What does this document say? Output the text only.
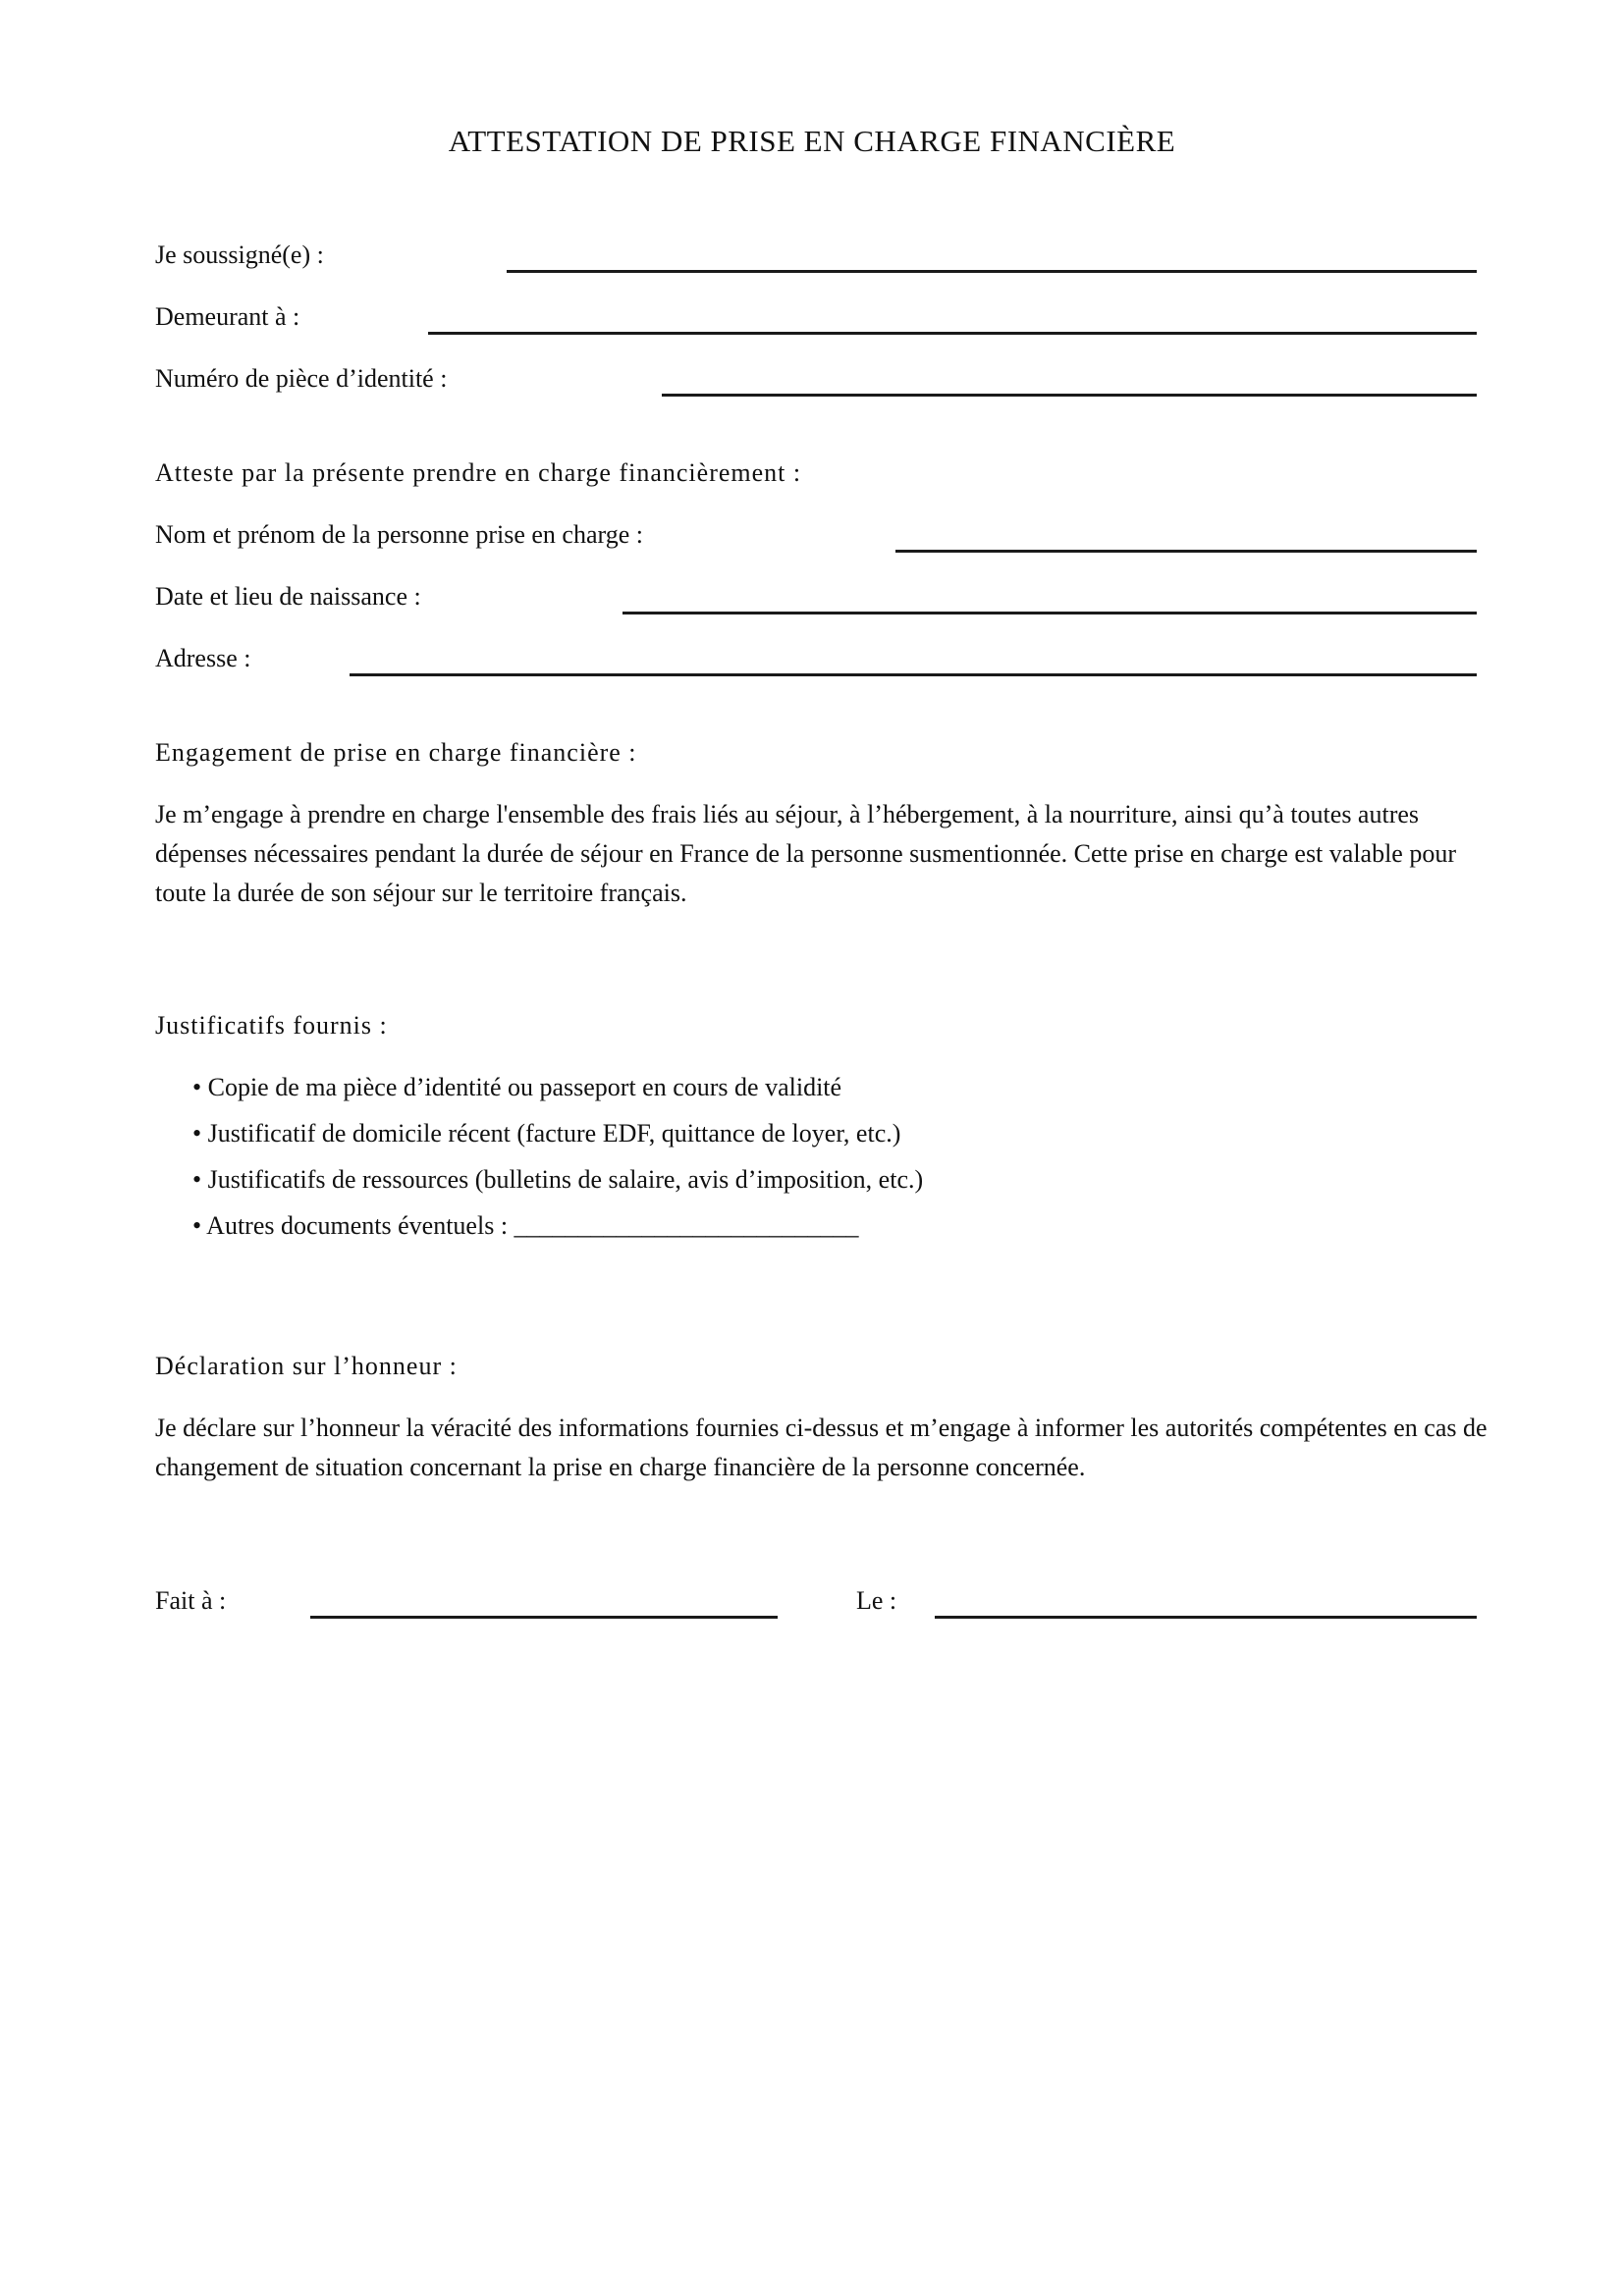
ATTESTATION DE PRISE EN CHARGE FINANCIÈRE
Je soussigné(e) :
Demeurant à :
Numéro de pièce d’identité :
Atteste par la présente prendre en charge financièrement :
Nom et prénom de la personne prise en charge :
Date et lieu de naissance :
Adresse :
Engagement de prise en charge financière :
Je m’engage à prendre en charge l'ensemble des frais liés au séjour, à l’hébergement, à la nourriture, ainsi qu’à toutes autres dépenses nécessaires pendant la durée de séjour en France de la personne susmentionnée. Cette prise en charge est valable pour toute la durée de son séjour sur le territoire français.
Justificatifs fournis :
• Copie de ma pièce d’identité ou passeport en cours de validité
• Justificatif de domicile récent (facture EDF, quittance de loyer, etc.)
• Justificatifs de ressources (bulletins de salaire, avis d’imposition, etc.)
• Autres documents éventuels : ___________________________
Déclaration sur l’honneur :
Je déclare sur l’honneur la véracité des informations fournies ci-dessus et m’engage à informer les autorités compétentes en cas de changement de situation concernant la prise en charge financière de la personne concernée.
Fait à :	Le :
